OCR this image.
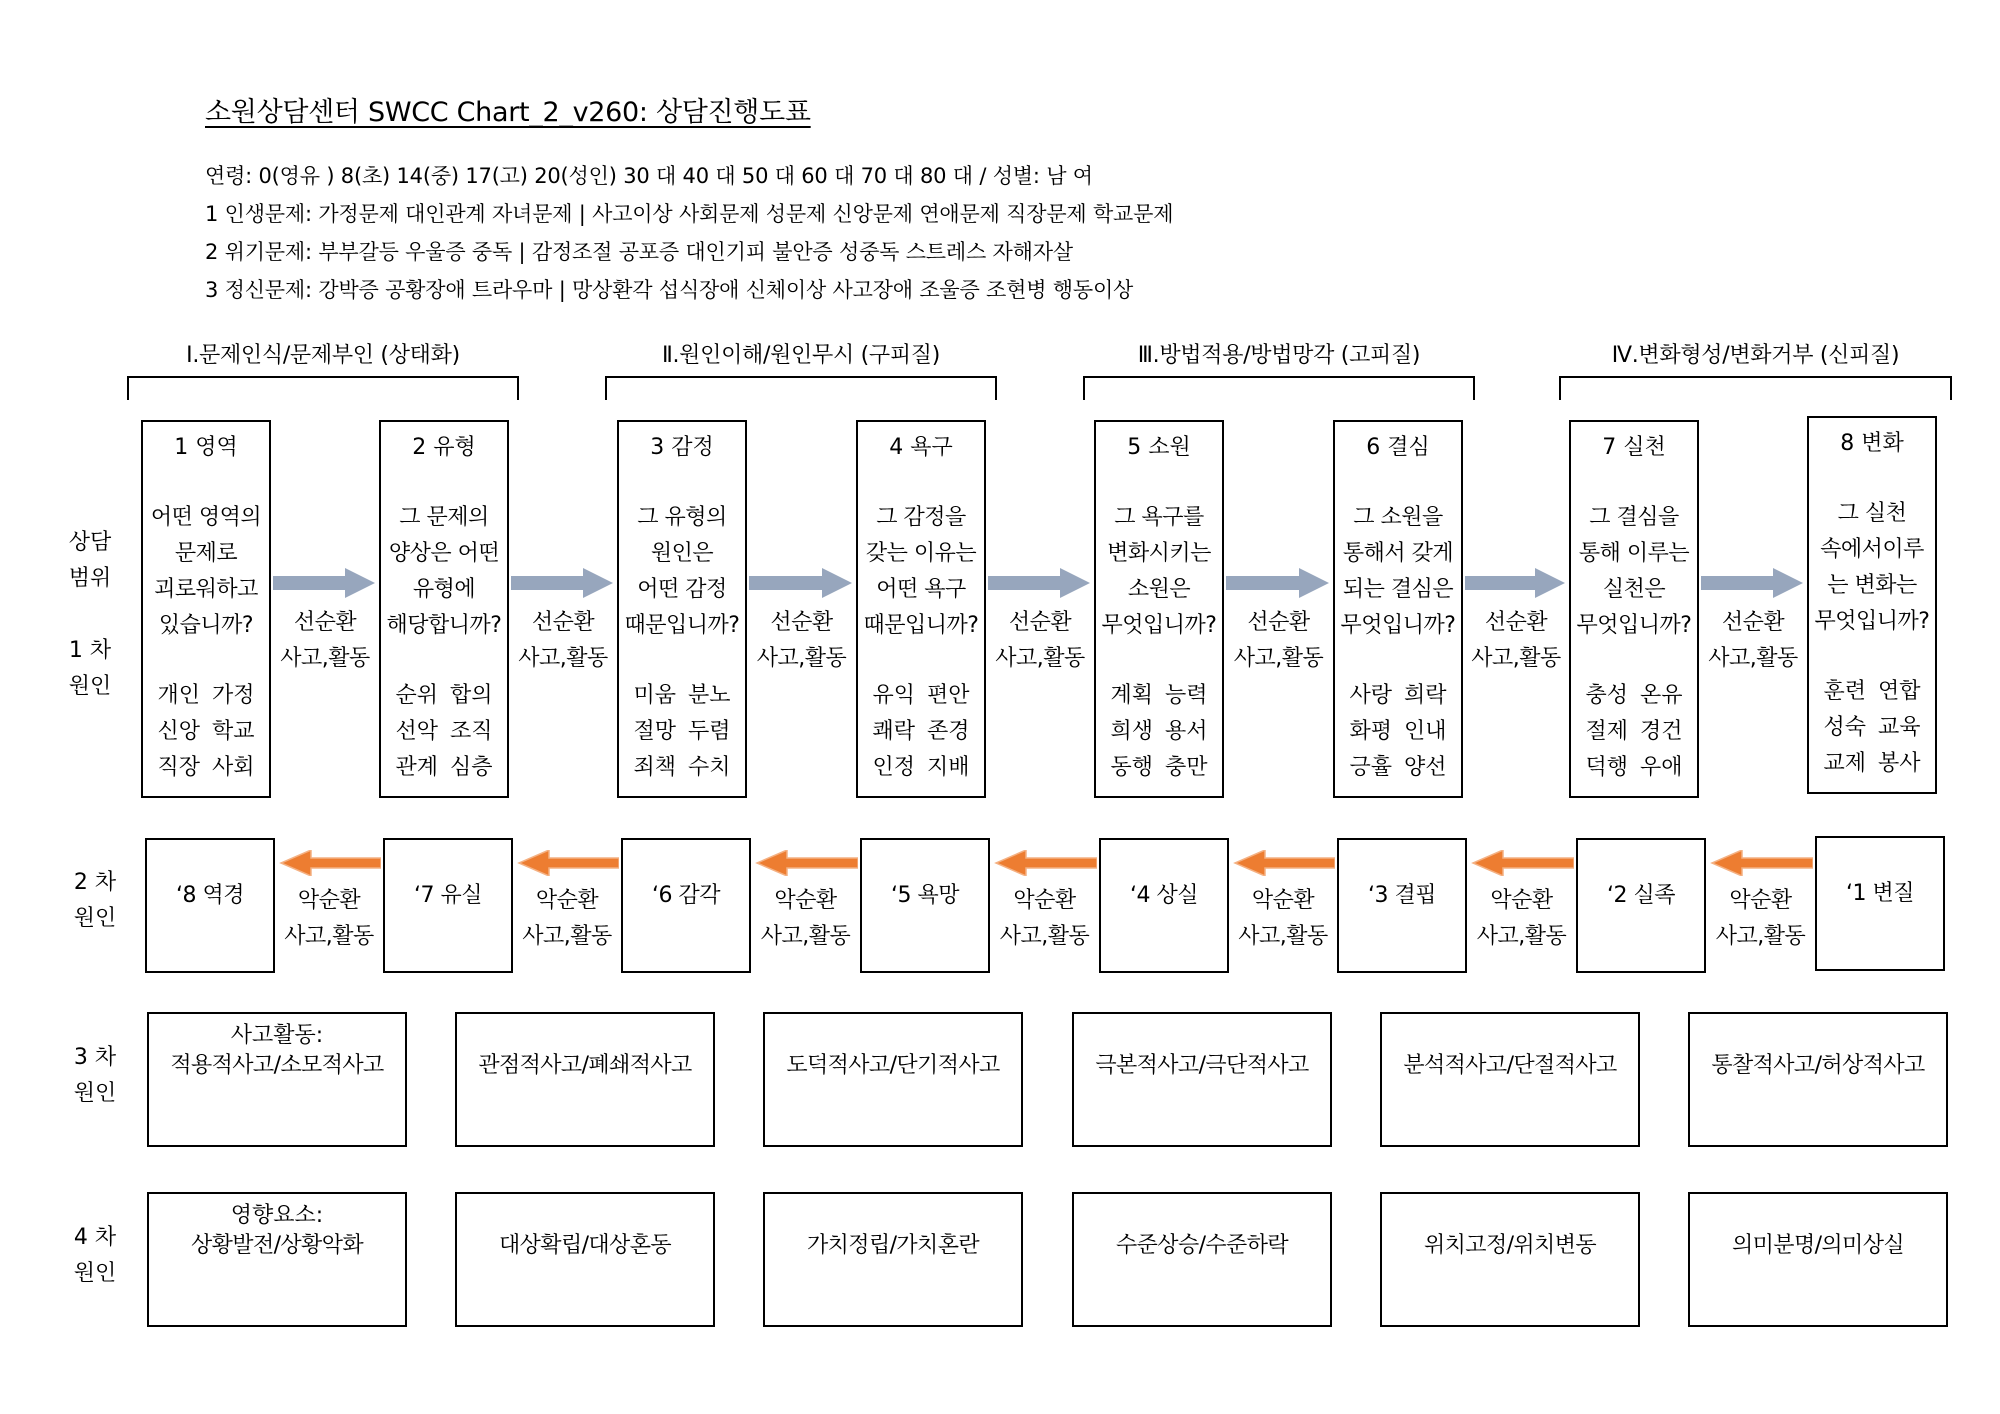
소원상담센터 SWCC Chart_2_v260: 상담진행도표
연령: 0(영유 ) 8(초) 14(중) 17(고) 20(성인) 30 대 40 대 50 대 60 대 70 대 80 대 / 성별: 남 여
1 인생문제: 가정문제 대인관계 자녀문제 | 사고이상 사회문제 성문제 신앙문제 연애문제 직장문제 학교문제
2 위기문제: 부부갈등 우울증 중독 | 감정조절 공포증 대인기피 불안증 성중독 스트레스 자해자살
3 정신문제: 강박증 공황장애 트라우마 | 망상환각 섭식장애 신체이상 사고장애 조울증 조현병 행동이상
Ⅰ.문제인식/문제부인 (상태화)	Ⅱ.원인이해/원인무시 (구피질)	Ⅲ.방법적용/방법망각 (고피질)	Ⅳ.변화형성/변화거부 (신피질)
상담
범위
1 차
원인
2 차
원인
3 차
원인
4 차
원인
1 영역
어떤 영역의
문제로
괴로워하고
있습니까?
개인 가정
신앙 학교
직장 사회
선순환
사고,활동
2 유형
그 문제의
양상은 어떤
유형에
해당합니까?
순위 합의
선악 조직
관계 심층
선순환
사고,활동
3 감정
그 유형의
원인은
어떤 감정
때문입니까?
미움 분노
절망 두렴
죄책 수치
선순환
사고,활동
4 욕구
그 감정을
갖는 이유는
어떤 욕구
때문입니까?
유익 편안
쾌락 존경
인정 지배
선순환
사고,활동
5 소원
그 욕구를
변화시키는
소원은
무엇입니까?
계획 능력
희생 용서
동행 충만
선순환
사고,활동
6 결심
그 소원을
통해서 갖게
되는 결심은
무엇입니까?
사랑 희락
화평 인내
긍휼 양선
선순환
사고,활동
7 실천
그 결심을
통해 이루는
실천은
무엇입니까?
충성 온유
절제 경건
덕행 우애
선순환
사고,활동
8 변화
그 실천
속에서이루
는 변화는
무엇입니까?
훈련 연합
성숙 교육
교제 봉사
‘8 역경	악순환
사고,활동
‘7 유실	악순환
사고,활동
‘6 감각	악순환
사고,활동
‘5 욕망	악순환
사고,활동
‘4 상실	악순환
사고,활동
‘3 결핍	악순환
사고,활동
‘2 실족	악순환
사고,활동
‘1 변질
사고활동:
적용적사고/소모적사고	관점적사고/폐쇄적사고	도덕적사고/단기적사고	극본적사고/극단적사고	분석적사고/단절적사고	통찰적사고/허상적사고
영향요소:
상황발전/상황악화	대상확립/대상혼동	가치정립/가치혼란	수준상승/수준하락	위치고정/위치변동	의미분명/의미상실
